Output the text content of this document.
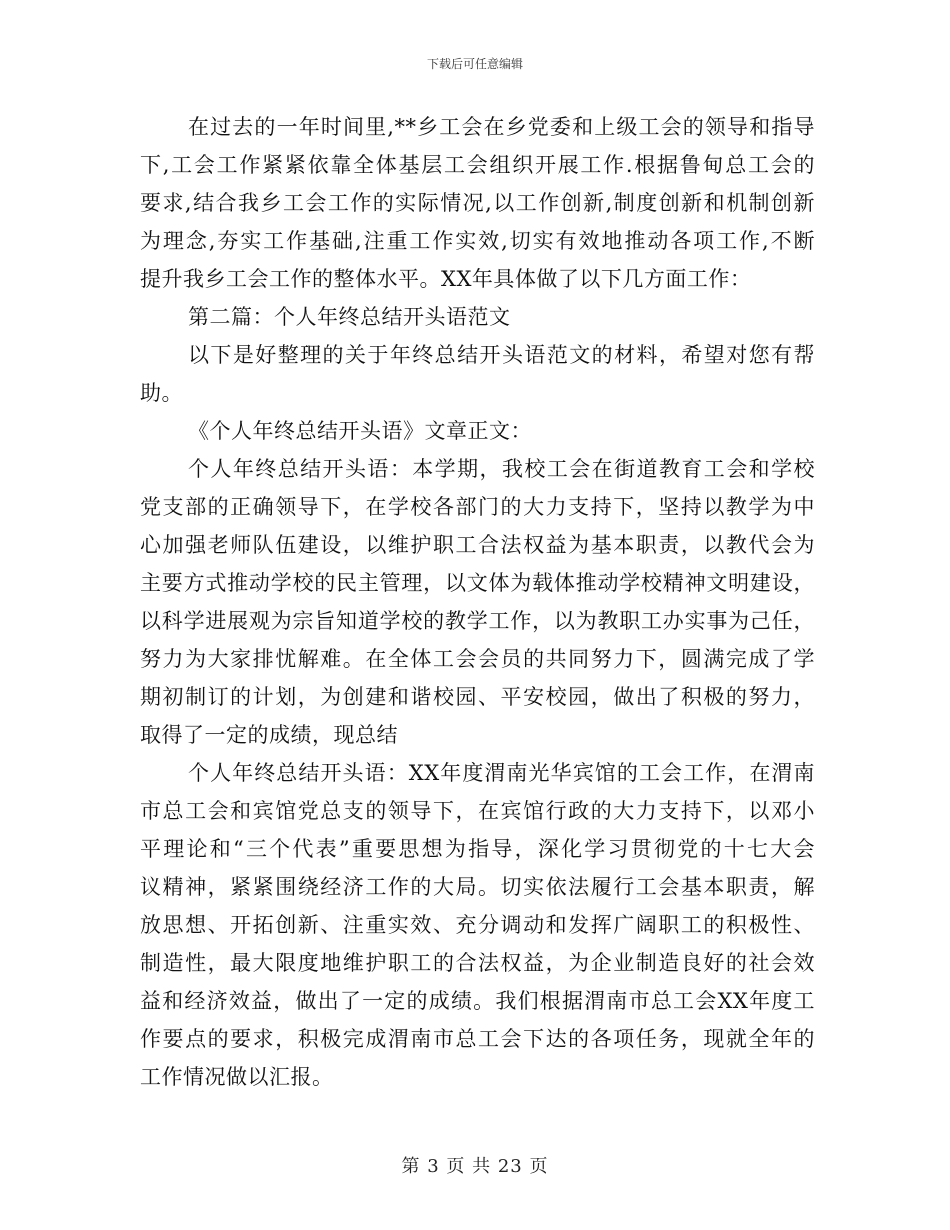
下载后可任意编辑
在过去的一年时间里,**乡工会在乡党委和上级工会的领导和指导
下,工会工作紧紧依靠全体基层工会组织开展工作.根据鲁甸总工会的
要求,结合我乡工会工作的实际情况,以工作创新,制度创新和机制创新
为理念,夯实工作基础,注重工作实效,切实有效地推动各项工作,不断
提升我乡工会工作的整体水平。XX年具体做了以下几方面工作：
第二篇：个人年终总结开头语范文
以下是好整理的关于年终总结开头语范文的材料，希望对您有帮
助。
《个人年终总结开头语》文章正文：
个人年终总结开头语：本学期，我校工会在街道教育工会和学校
党支部的正确领导下，在学校各部门的大力支持下，坚持以教学为中
心加强老师队伍建设，以维护职工合法权益为基本职责，以教代会为
主要方式推动学校的民主管理，以文体为载体推动学校精神文明建设，
以科学进展观为宗旨知道学校的教学工作，以为教职工办实事为己任，
努力为大家排忧解难。在全体工会会员的共同努力下，圆满完成了学
期初制订的计划，为创建和谐校园、平安校园，做出了积极的努力，
取得了一定的成绩，现总结
个人年终总结开头语：XX年度渭南光华宾馆的工会工作，在渭南
市总工会和宾馆党总支的领导下，在宾馆行政的大力支持下，以邓小
平理论和“三个代表”重要思想为指导，深化学习贯彻党的十七大会
议精神，紧紧围绕经济工作的大局。切实依法履行工会基本职责，解
放思想、开拓创新、注重实效、充分调动和发挥广阔职工的积极性、
制造性，最大限度地维护职工的合法权益，为企业制造良好的社会效
益和经济效益，做出了一定的成绩。我们根据渭南市总工会XX年度工
作要点的要求，积极完成渭南市总工会下达的各项任务，现就全年的
工作情况做以汇报。
第 3 页 共 23 页
